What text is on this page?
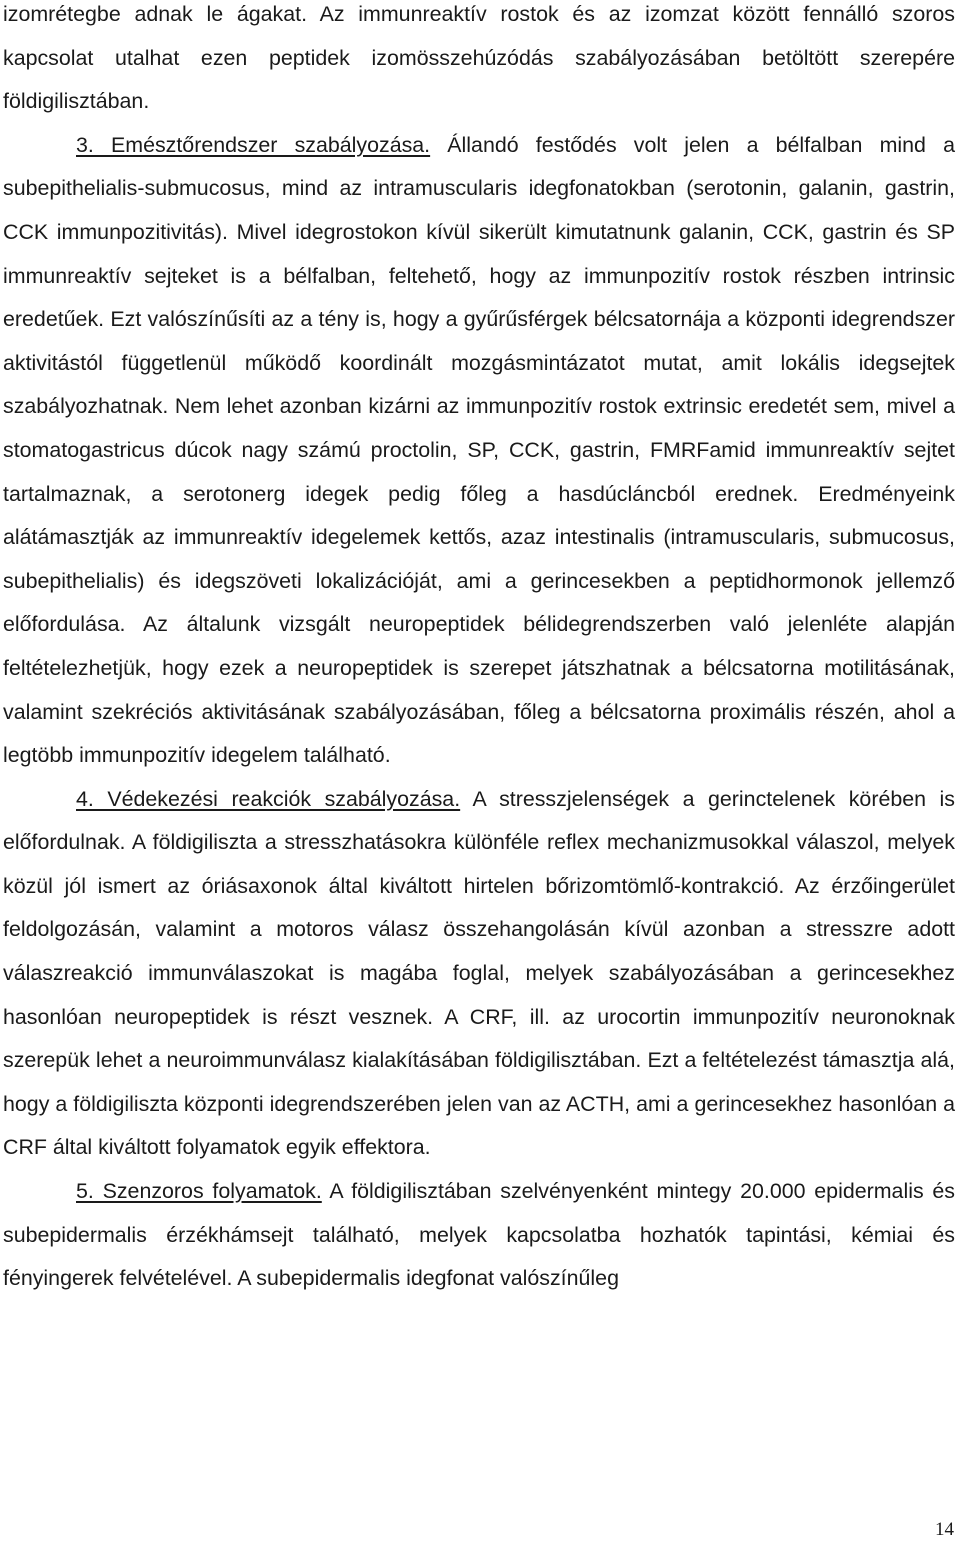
izomrétegbe adnak le ágakat. Az immunreaktív rostok és az izomzat között fennálló szoros kapcsolat utalhat ezen peptidek izomösszehúzódás szabályozásában betöltött szerepére földigilisztában.

3. Emésztőrendszer szabályozása. Állandó festődés volt jelen a bélfalban mind a subepithelialis-submucosus, mind az intramuscularis idegfonatokban (serotonin, galanin, gastrin, CCK immunpozitivitás). Mivel idegrostokon kívül sikerült kimutatnunk galanin, CCK, gastrin és SP immunreaktív sejteket is a bélfalban, feltehető, hogy az immunpozitív rostok részben intrinsic eredetűek. Ezt valószínűsíti az a tény is, hogy a gyűrűsférgek bélcsatornája a központi idegrendszer aktivitástól függetlenül működő koordinált mozgásmintázatot mutat, amit lokális idegsejtek szabályozhatnak. Nem lehet azonban kizárni az immunpozitív rostok extrinsic eredetét sem, mivel a stomatogastricus dúcok nagy számú proctolin, SP, CCK, gastrin, FMRFamid immunreaktív sejtet tartalmaznak, a serotonerg idegek pedig főleg a hasdúcláncból erednek. Eredményeink alátámasztják az immunreaktív idegelemek kettős, azaz intestinalis (intramuscularis, submucosus, subepithelialis) és idegszöveti lokalizációját, ami a gerincesekben a peptidhormonok jellemző előfordulása. Az általunk vizsgált neuropeptidek bélidegrendszerben való jelenléte alapján feltételezhetjük, hogy ezek a neuropeptidek is szerepet játszhatnak a bélcsatorna motilitásának, valamint szekréciós aktivitásának szabályozásában, főleg a bélcsatorna proximális részén, ahol a legtöbb immunpozitív idegelem található.

4. Védekezési reakciók szabályozása. A stresszjelenségek a gerinctelenek körében is előfordulnak. A földigiliszta a stresszhatásokra különféle reflex mechanizmusokkal válaszol, melyek közül jól ismert az óriásaxonok által kiváltott hirtelen bőrizomtömlő-kontrakció. Az érzőingerület feldolgozásán, valamint a motoros válasz összehangolásán kívül azonban a stresszre adott válaszreakció immunválaszokat is magába foglal, melyek szabályozásában a gerincesekhez hasonlóan neuropeptidek is részt vesznek. A CRF, ill. az urocortin immunpozitív neuronoknak szerepük lehet a neuroimmunválasz kialakításában földigilisztában. Ezt a feltételezést támasztja alá, hogy a földigiliszta központi idegrendszerében jelen van az ACTH, ami a gerincesekhez hasonlóan a CRF által kiváltott folyamatok egyik effektora.

5. Szenzoros folyamatok. A földigilisztában szelvényenként mintegy 20.000 epidermalis és subepidermalis érzékhámsejt található, melyek kapcsolatba hozhatók tapintási, kémiai és fényingerek felvételével. A subepidermalis idegfonat valószínűleg

14
